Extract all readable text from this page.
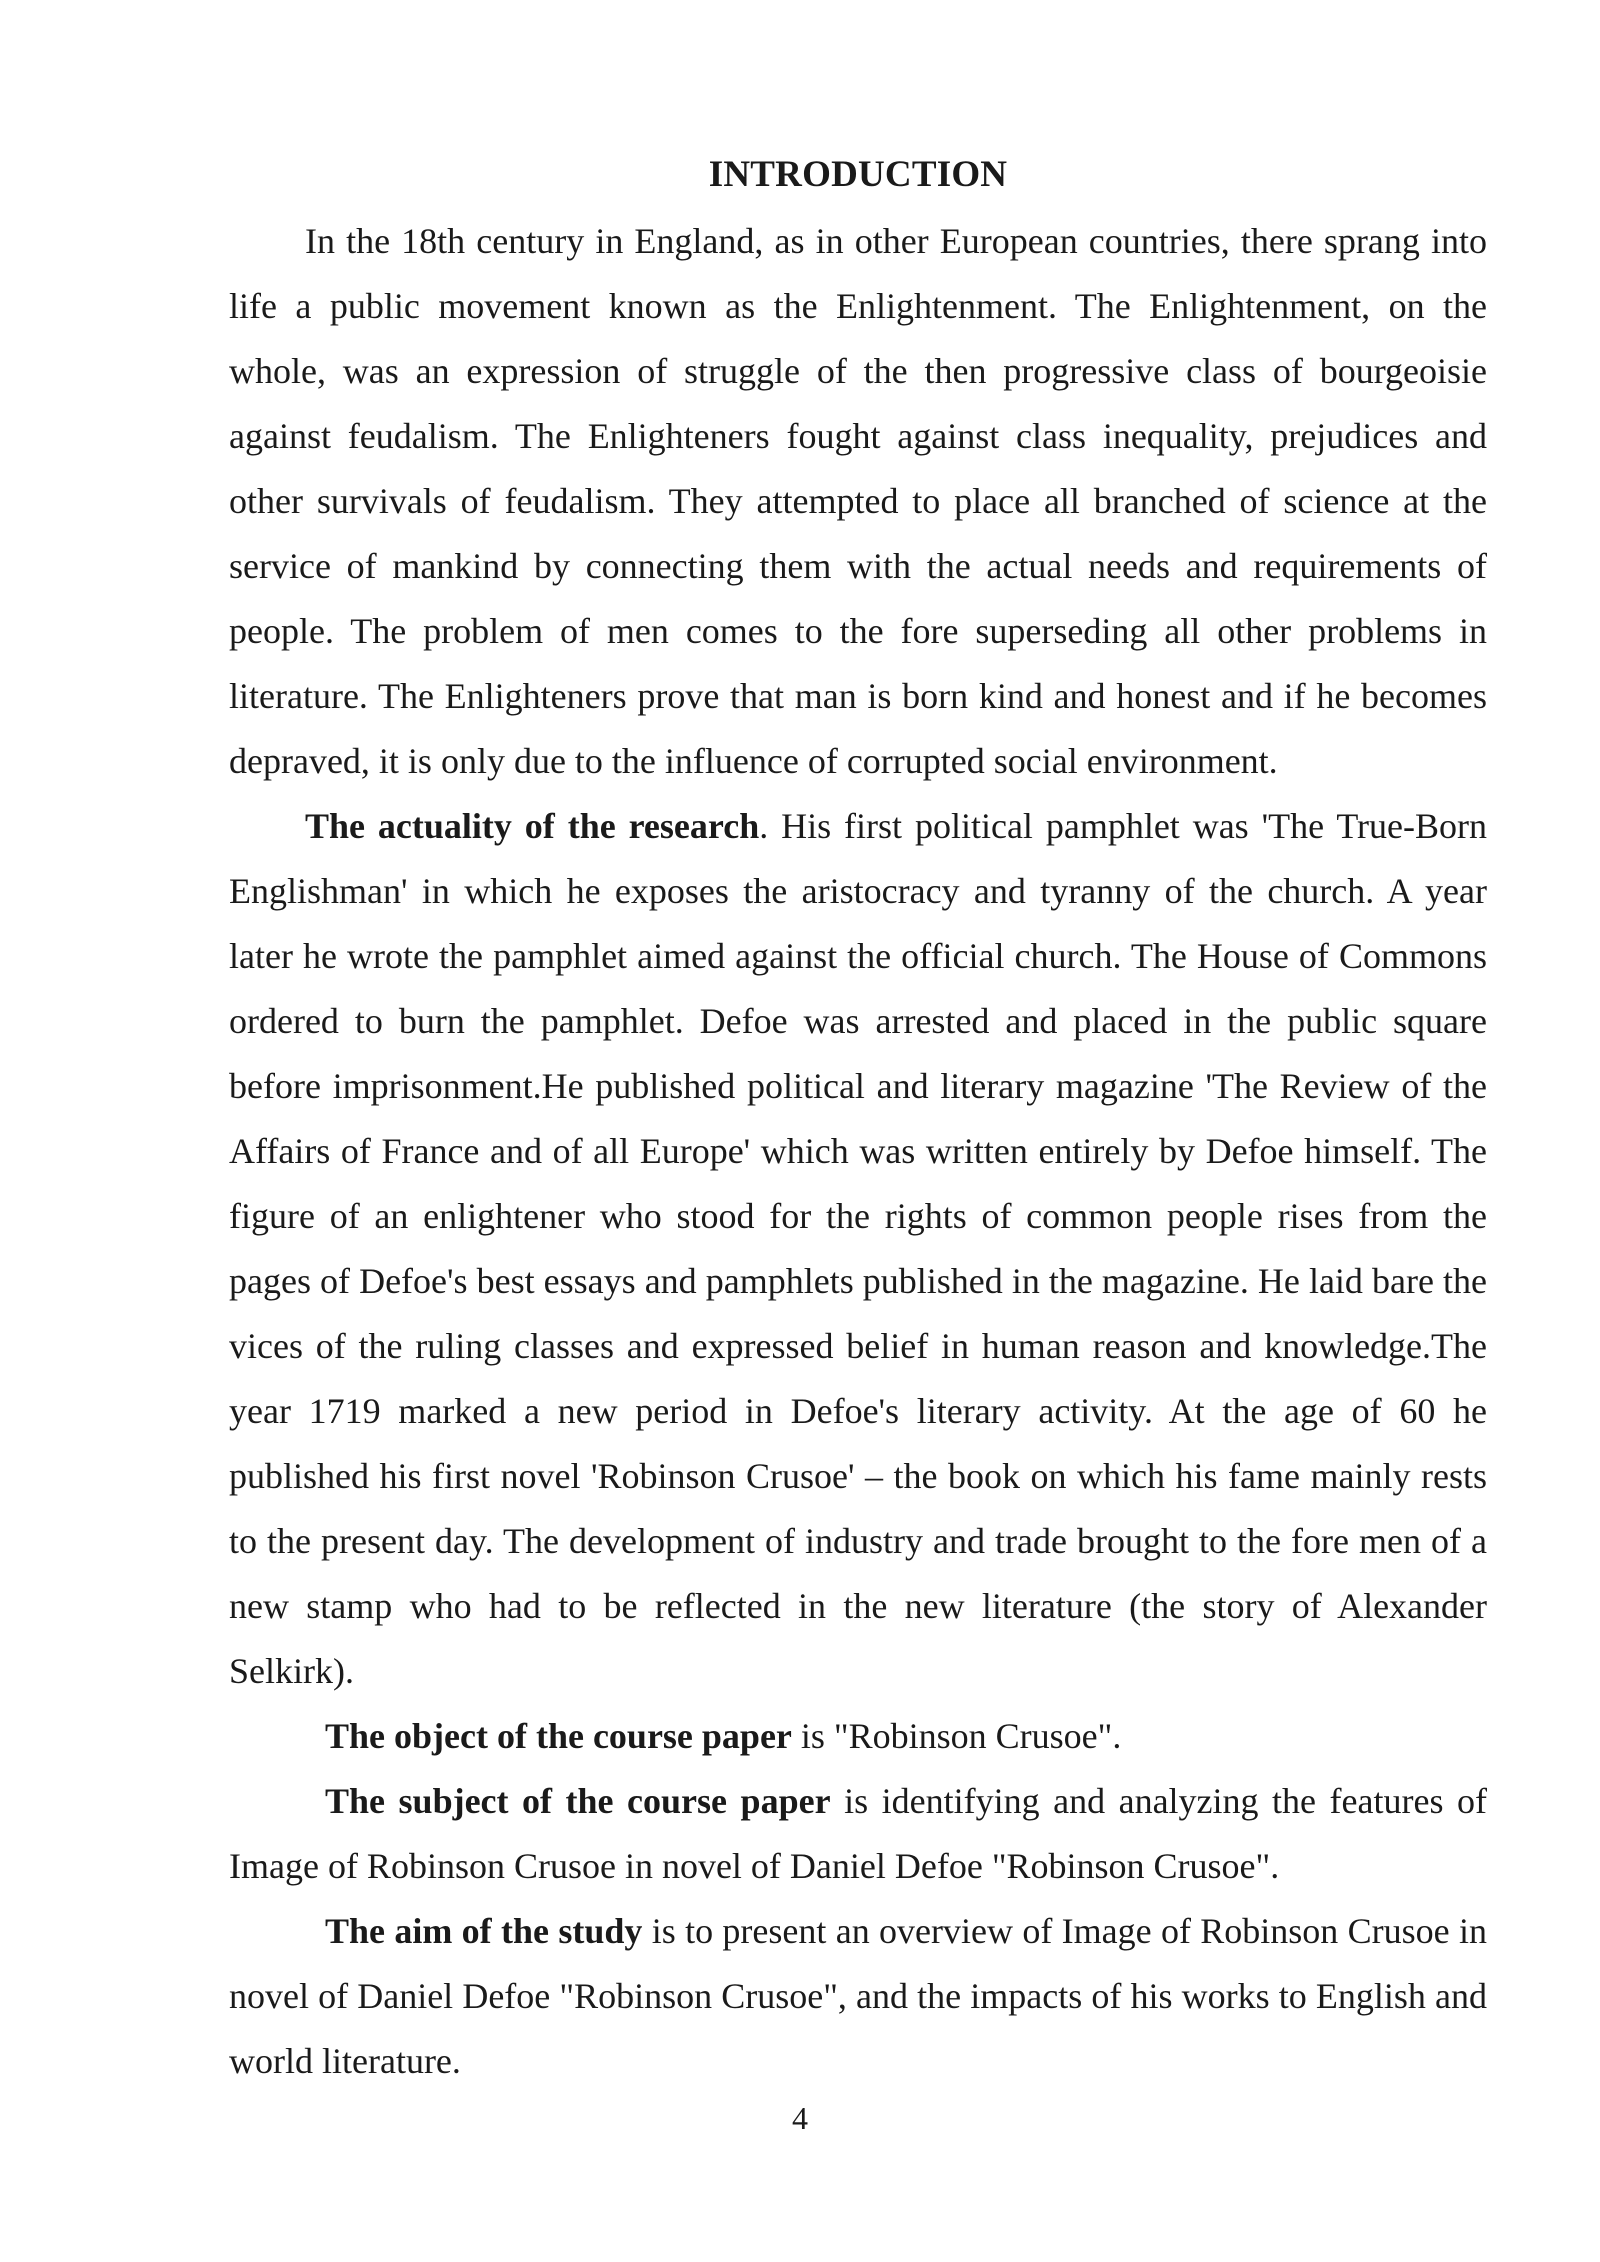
INTRODUCTION

In the 18th century in England, as in other European countries, there sprang into life a public movement known as the Enlightenment. The Enlightenment, on the whole, was an expression of struggle of the then progressive class of bourgeoisie against feudalism. The Enlighteners fought against class inequality, prejudices and other survivals of feudalism. They attempted to place all branched of science at the service of mankind by connecting them with the actual needs and requirements of people. The problem of men comes to the fore superseding all other problems in literature. The Enlighteners prove that man is born kind and honest and if he becomes depraved, it is only due to the influence of corrupted social environment.

The actuality of the research. His first political pamphlet was 'The True-Born Englishman' in which he exposes the aristocracy and tyranny of the church. A year later he wrote the pamphlet aimed against the official church. The House of Commons ordered to burn the pamphlet. Defoe was arrested and placed in the public square before imprisonment.He published political and literary magazine 'The Review of the Affairs of France and of all Europe' which was written entirely by Defoe himself. The figure of an enlightener who stood for the rights of common people rises from the pages of Defoe's best essays and pamphlets published in the magazine. He laid bare the vices of the ruling classes and expressed belief in human reason and knowledge.The year 1719 marked a new period in Defoe's literary activity. At the age of 60 he published his first novel 'Robinson Crusoe' – the book on which his fame mainly rests to the present day. The development of industry and trade brought to the fore men of a new stamp who had to be reflected in the new literature (the story of Alexander Selkirk).

The object of the course paper is "Robinson Crusoe".

The subject of the course paper is identifying and analyzing the features of Image of Robinson Crusoe in novel of Daniel Defoe "Robinson Crusoe".

The aim of the study is to present an overview of Image of Robinson Crusoe in novel of Daniel Defoe "Robinson Crusoe", and the impacts of his works to English and world literature.

4
